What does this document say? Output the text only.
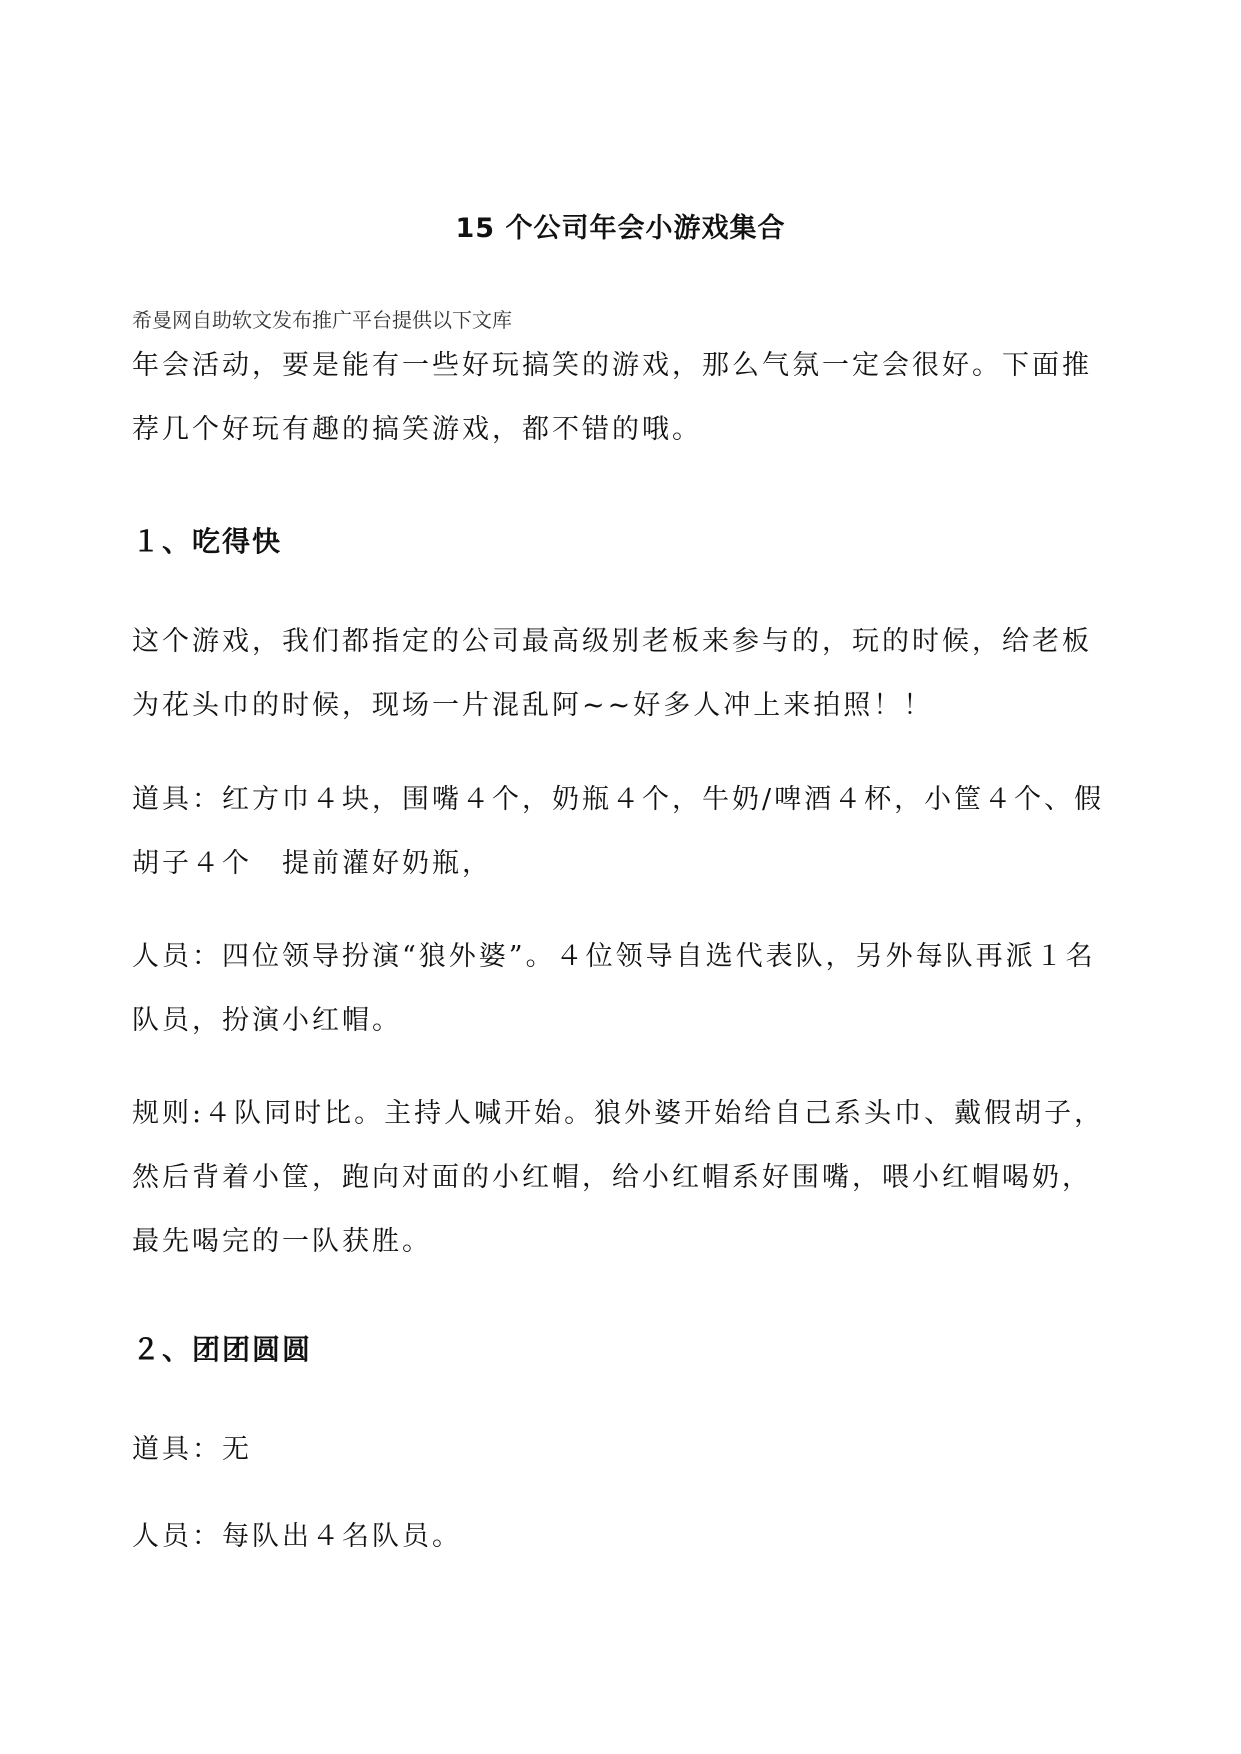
15 个公司年会小游戏集合
希曼网自助软文发布推广平台提供以下文库

年会活动，要是能有一些好玩搞笑的游戏，那么气氛一定会很好。下面推荐几个好玩有趣的搞笑游戏，都不错的哦。

１、吃得快

这个游戏，我们都指定的公司最高级别老板来参与的，玩的时候，给老板为花头巾的时候，现场一片混乱阿~~好多人冲上来拍照！！

道具：红方巾４块，围嘴４个，奶瓶４个，牛奶/啤酒４杯，小筐４个、假胡子４个　提前灌好奶瓶，

人员：四位领导扮演“狼外婆”。４位领导自选代表队，另外每队再派１名队员，扮演小红帽。

规则:４队同时比。主持人喊开始。狼外婆开始给自己系头巾、戴假胡子，然后背着小筐，跑向对面的小红帽，给小红帽系好围嘴，喂小红帽喝奶，最先喝完的一队获胜。

２、团团圆圆

道具：无

人员：每队出４名队员。
